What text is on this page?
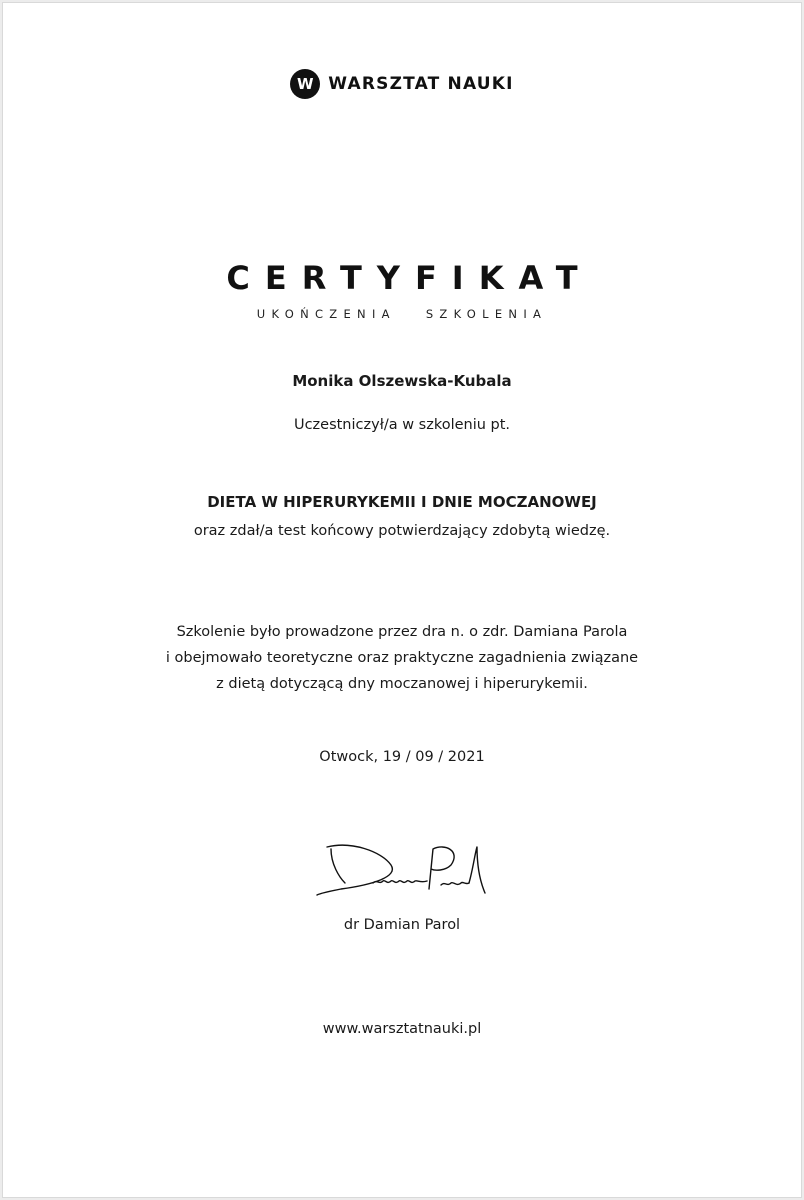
W WARSZTAT NAUKI
CERTYFIKAT
UKOŃCZENIA	SZKOLENIA
Monika Olszewska-Kubala
Uczestniczył/a w szkoleniu pt.
DIETA W HIPERURYKEMII I DNIE MOCZANOWEJ
oraz zdał/a test końcowy potwierdzający zdobytą wiedzę.
Szkolenie było prowadzone przez dra n. o zdr. Damiana Parola
i obejmowało teoretyczne oraz praktyczne zagadnienia związane
z dietą dotyczącą dny moczanowej i hiperurykemii.
Otwock, 19 / 09 / 2021
dr Damian Parol
www.warsztatnauki.pl
